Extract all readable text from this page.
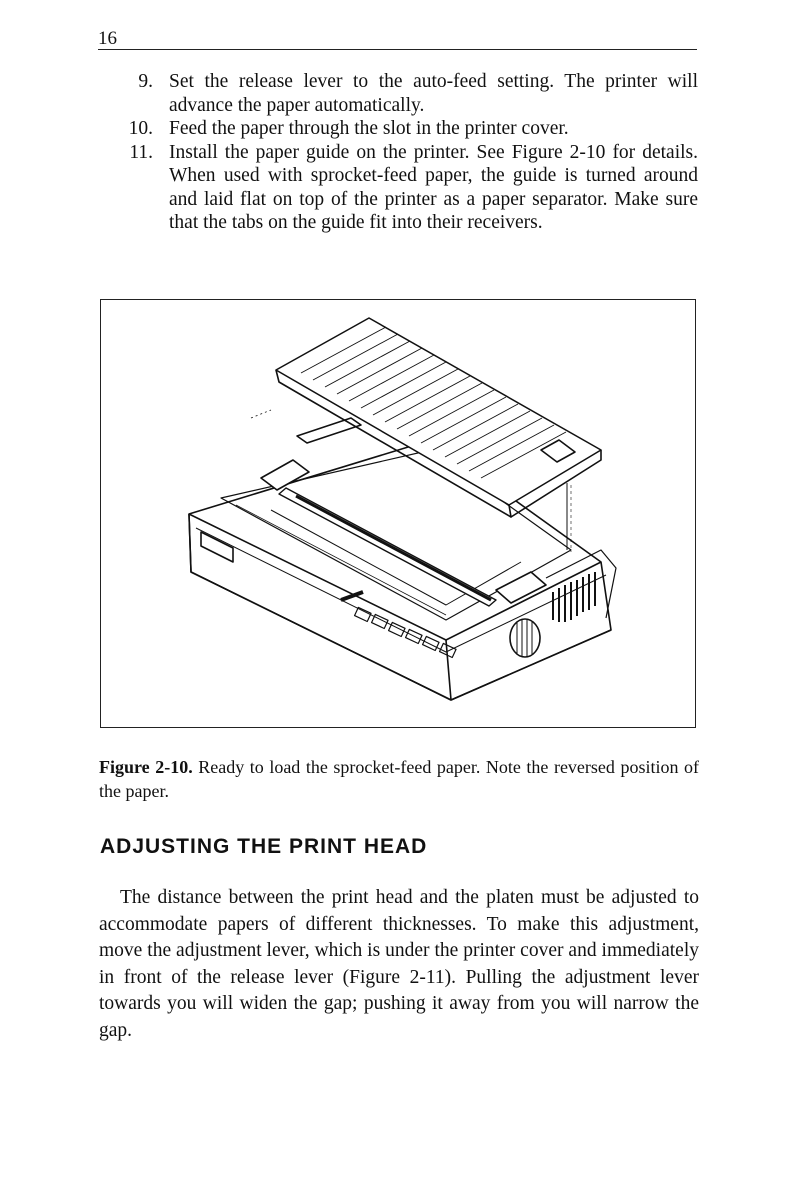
16
9. Set the release lever to the auto-feed setting. The printer will advance the paper automatically.
10. Feed the paper through the slot in the printer cover.
11. Install the paper guide on the printer. See Figure 2-10 for details. When used with sprocket-feed paper, the guide is turned around and laid flat on top of the printer as a paper separator. Make sure that the tabs on the guide fit into their receivers.

Figure 2-10. Ready to load the sprocket-feed paper. Note the reversed position of the paper.

ADJUSTING THE PRINT HEAD

The distance between the print head and the platen must be adjusted to accommodate papers of different thicknesses. To make this adjustment, move the adjustment lever, which is under the printer cover and immediately in front of the release lever (Figure 2-11). Pulling the adjustment lever towards you will widen the gap; pushing it away from you will narrow the gap.
